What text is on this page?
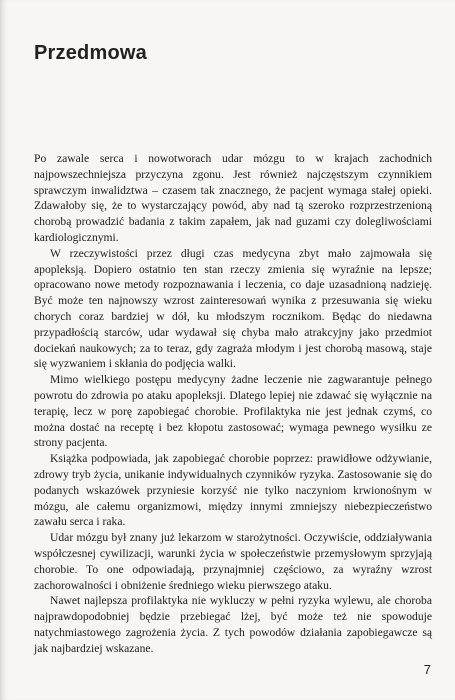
Przedmowa

Po zawale serca i nowotworach udar mózgu to w krajach zachodnich najpowszechniejsza przyczyna zgonu. Jest również najczęstszym czynnikiem sprawczym inwalidztwa – czasem tak znacznego, że pacjent wymaga stałej opieki. Zdawałoby się, że to wystarczający powód, aby nad tą szeroko rozprzestrzenioną chorobą prowadzić badania z takim zapałem, jak nad guzami czy dolegliwościami kardiologicznymi.

W rzeczywistości przez długi czas medycyna zbyt mało zajmowała się apopleksją. Dopiero ostatnio ten stan rzeczy zmienia się wyraźnie na lepsze; opracowano nowe metody rozpoznawania i leczenia, co daje uzasadnioną nadzieję. Być może ten najnowszy wzrost zainteresowań wynika z przesuwania się wieku chorych coraz bardziej w dół, ku młodszym rocznikom. Będąc do niedawna przypadłością starców, udar wydawał się chyba mało atrakcyjny jako przedmiot dociekań naukowych; za to teraz, gdy zagraża młodym i jest chorobą masową, staje się wyzwaniem i skłania do podjęcia walki.

Mimo wielkiego postępu medycyny żadne leczenie nie zagwarantuje pełnego powrotu do zdrowia po ataku apopleksji. Dlatego lepiej nie zdawać się wyłącznie na terapię, lecz w porę zapobiegać chorobie. Profilaktyka nie jest jednak czymś, co można dostać na receptę i bez kłopotu zastosować; wymaga pewnego wysiłku ze strony pacjenta.

Książka podpowiada, jak zapobiegać chorobie poprzez: prawidłowe odżywianie, zdrowy tryb życia, unikanie indywidualnych czynników ryzyka. Zastosowanie się do podanych wskazówek przyniesie korzyść nie tylko naczyniom krwionośnym w mózgu, ale całemu organizmowi, między innymi zmniejszy niebezpieczeństwo zawału serca i raka.

Udar mózgu był znany już lekarzom w starożytności. Oczywiście, oddziaływania współczesnej cywilizacji, warunki życia w społeczeństwie przemysłowym sprzyjają chorobie. To one odpowiadają, przynajmniej częściowo, za wyraźny wzrost zachorowalności i obniżenie średniego wieku pierwszego ataku.

Nawet najlepsza profilaktyka nie wykluczy w pełni ryzyka wylewu, ale choroba najprawdopodobniej będzie przebiegać lżej, być może też nie spowoduje natychmiastowego zagrożenia życia. Z tych powodów działania zapobiegawcze są jak najbardziej wskazane.

7
